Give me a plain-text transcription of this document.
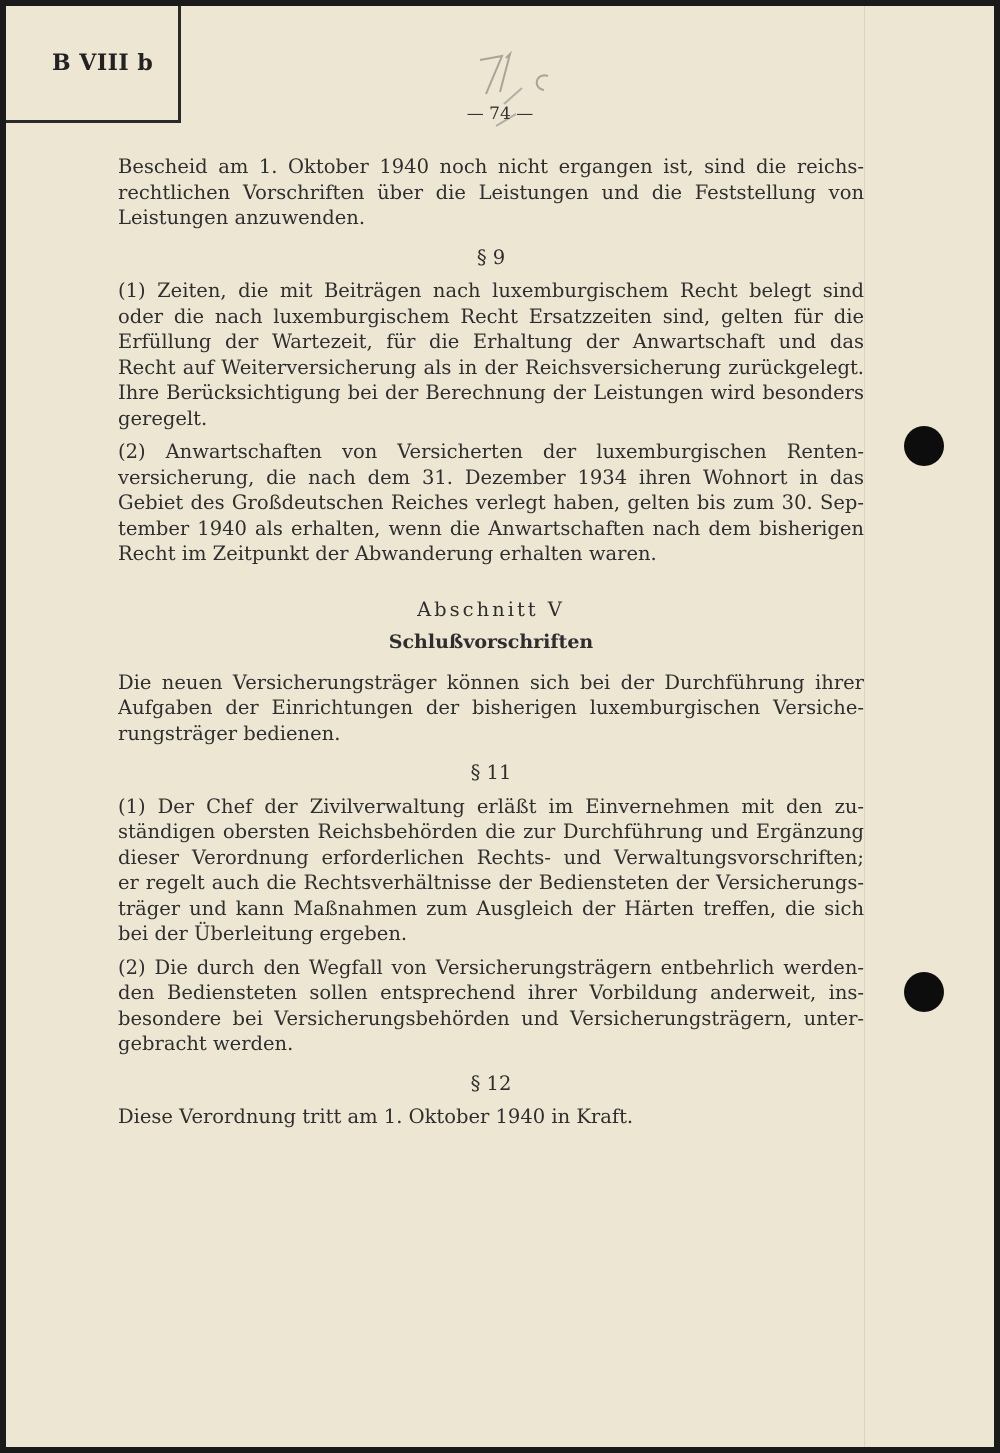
B VIII b
— 74 —
Bescheid am 1. Oktober 1940 noch nicht ergangen ist, sind die reichs-
rechtlichen Vorschriften über die Leistungen und die Feststellung von
Leistungen anzuwenden.
§ 9
(1) Zeiten, die mit Beiträgen nach luxemburgischem Recht belegt sind
oder die nach luxemburgischem Recht Ersatzzeiten sind, gelten für die
Erfüllung der Wartezeit, für die Erhaltung der Anwartschaft und das
Recht auf Weiterversicherung als in der Reichsversicherung zurückgelegt.
Ihre Berücksichtigung bei der Berechnung der Leistungen wird besonders
geregelt.
(2) Anwartschaften von Versicherten der luxemburgischen Renten-
versicherung, die nach dem 31. Dezember 1934 ihren Wohnort in das
Gebiet des Großdeutschen Reiches verlegt haben, gelten bis zum 30. Sep-
tember 1940 als erhalten, wenn die Anwartschaften nach dem bisherigen
Recht im Zeitpunkt der Abwanderung erhalten waren.
Abschnitt V
Schlußvorschriften
Die neuen Versicherungsträger können sich bei der Durchführung ihrer
Aufgaben der Einrichtungen der bisherigen luxemburgischen Versiche-
rungsträger bedienen.
§ 11
(1) Der Chef der Zivilverwaltung erläßt im Einvernehmen mit den zu-
ständigen obersten Reichsbehörden die zur Durchführung und Ergänzung
dieser Verordnung erforderlichen Rechts- und Verwaltungsvorschriften;
er regelt auch die Rechtsverhältnisse der Bediensteten der Versicherungs-
träger und kann Maßnahmen zum Ausgleich der Härten treffen, die sich
bei der Überleitung ergeben.
(2) Die durch den Wegfall von Versicherungsträgern entbehrlich werden-
den Bediensteten sollen entsprechend ihrer Vorbildung anderweit, ins-
besondere bei Versicherungsbehörden und Versicherungsträgern, unter-
gebracht werden.
§ 12
Diese Verordnung tritt am 1. Oktober 1940 in Kraft.
